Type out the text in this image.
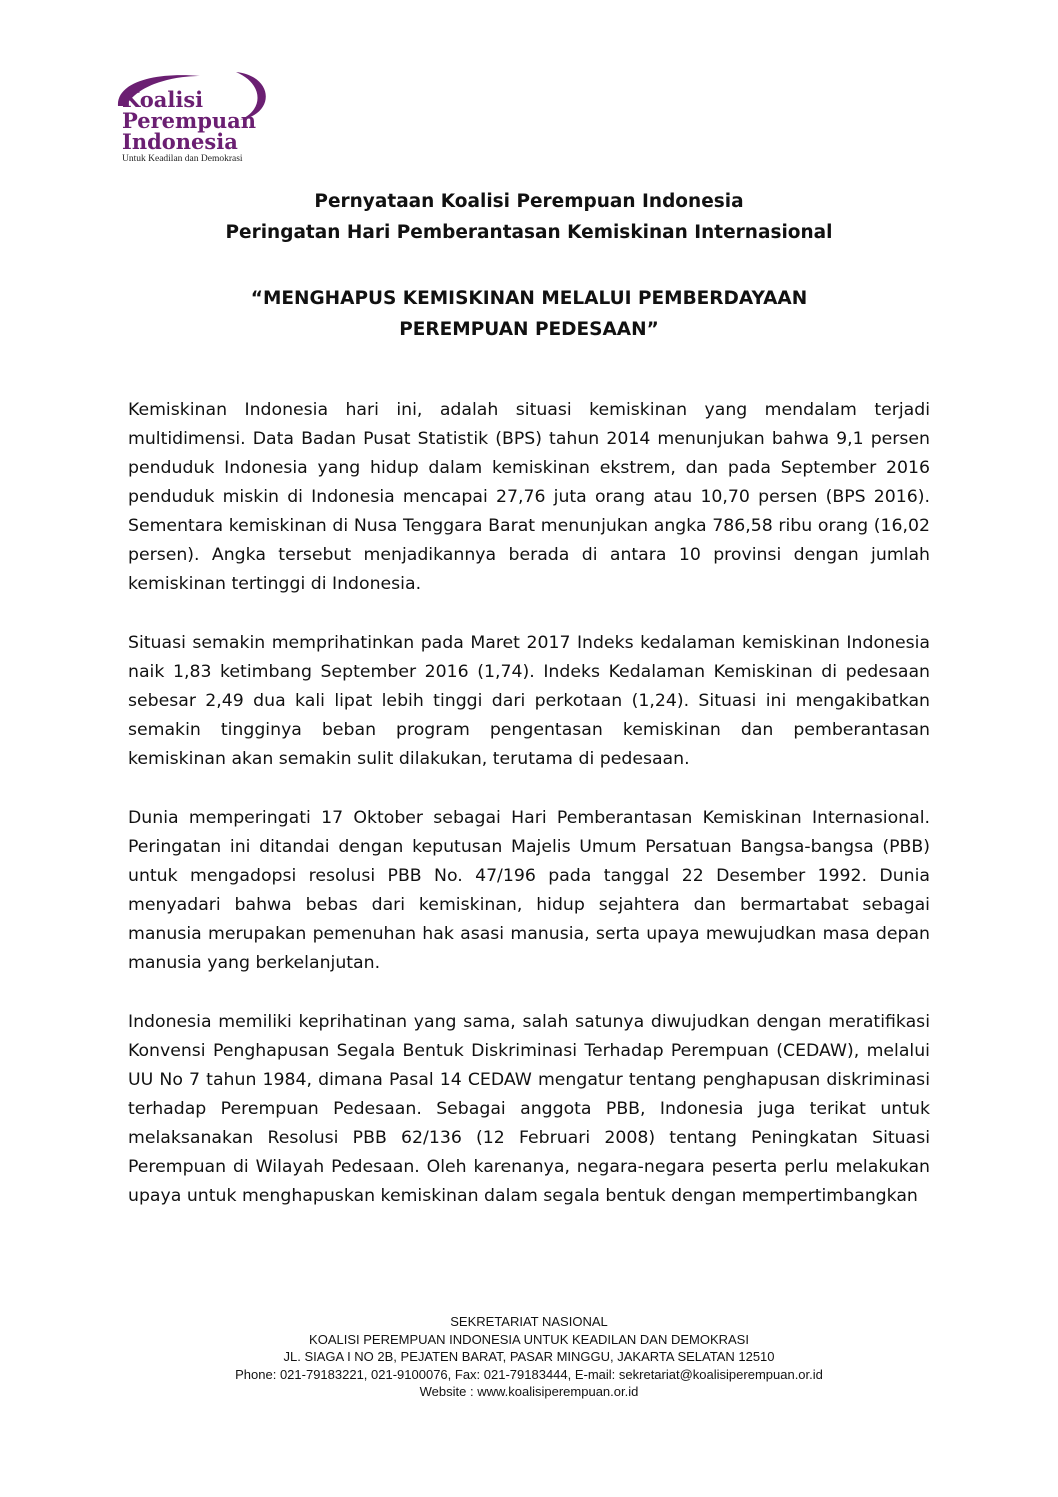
Koalisi
Perempuan
Indonesia
Untuk Keadilan dan Demokrasi
Pernyataan Koalisi Perempuan Indonesia
Peringatan Hari Pemberantasan Kemiskinan Internasional
“MENGHAPUS KEMISKINAN MELALUI PEMBERDAYAAN
PEREMPUAN PEDESAAN”

Kemiskinan Indonesia hari ini, adalah situasi kemiskinan yang mendalam terjadi multidimensi. Data Badan Pusat Statistik (BPS) tahun 2014 menunjukan bahwa 9,1 persen penduduk Indonesia yang hidup dalam kemiskinan ekstrem, dan pada September 2016 penduduk miskin di Indonesia mencapai 27,76 juta orang atau 10,70 persen (BPS 2016). Sementara kemiskinan di Nusa Tenggara Barat menunjukan angka 786,58 ribu orang (16,02 persen). Angka tersebut menjadikannya berada di antara 10 provinsi dengan jumlah kemiskinan tertinggi di Indonesia.

Situasi semakin memprihatinkan pada Maret 2017 Indeks kedalaman kemiskinan Indonesia naik 1,83 ketimbang September 2016 (1,74). Indeks Kedalaman Kemiskinan di pedesaan sebesar 2,49 dua kali lipat lebih tinggi dari perkotaan (1,24). Situasi ini mengakibatkan semakin tingginya beban program pengentasan kemiskinan dan pemberantasan kemiskinan akan semakin sulit dilakukan, terutama di pedesaan.

Dunia memperingati 17 Oktober sebagai Hari Pemberantasan Kemiskinan Internasional. Peringatan ini ditandai dengan keputusan Majelis Umum Persatuan Bangsa-bangsa (PBB) untuk mengadopsi resolusi PBB No. 47/196 pada tanggal 22 Desember 1992. Dunia menyadari bahwa bebas dari kemiskinan, hidup sejahtera dan bermartabat sebagai manusia merupakan pemenuhan hak asasi manusia, serta upaya mewujudkan masa depan manusia yang berkelanjutan.

Indonesia memiliki keprihatinan yang sama, salah satunya diwujudkan dengan meratifikasi Konvensi Penghapusan Segala Bentuk Diskriminasi Terhadap Perempuan (CEDAW), melalui UU No 7 tahun 1984, dimana Pasal 14 CEDAW mengatur tentang penghapusan diskriminasi terhadap Perempuan Pedesaan. Sebagai anggota PBB, Indonesia juga terikat untuk melaksanakan Resolusi PBB 62/136 (12 Februari 2008) tentang Peningkatan Situasi Perempuan di Wilayah Pedesaan. Oleh karenanya, negara-negara peserta perlu melakukan upaya untuk menghapuskan kemiskinan dalam segala bentuk dengan mempertimbangkan

SEKRETARIAT NASIONAL
KOALISI PEREMPUAN INDONESIA UNTUK KEADILAN DAN DEMOKRASI
JL. SIAGA I NO 2B, PEJATEN BARAT, PASAR MINGGU, JAKARTA SELATAN 12510
Phone: 021-79183221, 021-9100076, Fax: 021-79183444, E-mail: sekretariat@koalisiperempuan.or.id
Website : www.koalisiperempuan.or.id
